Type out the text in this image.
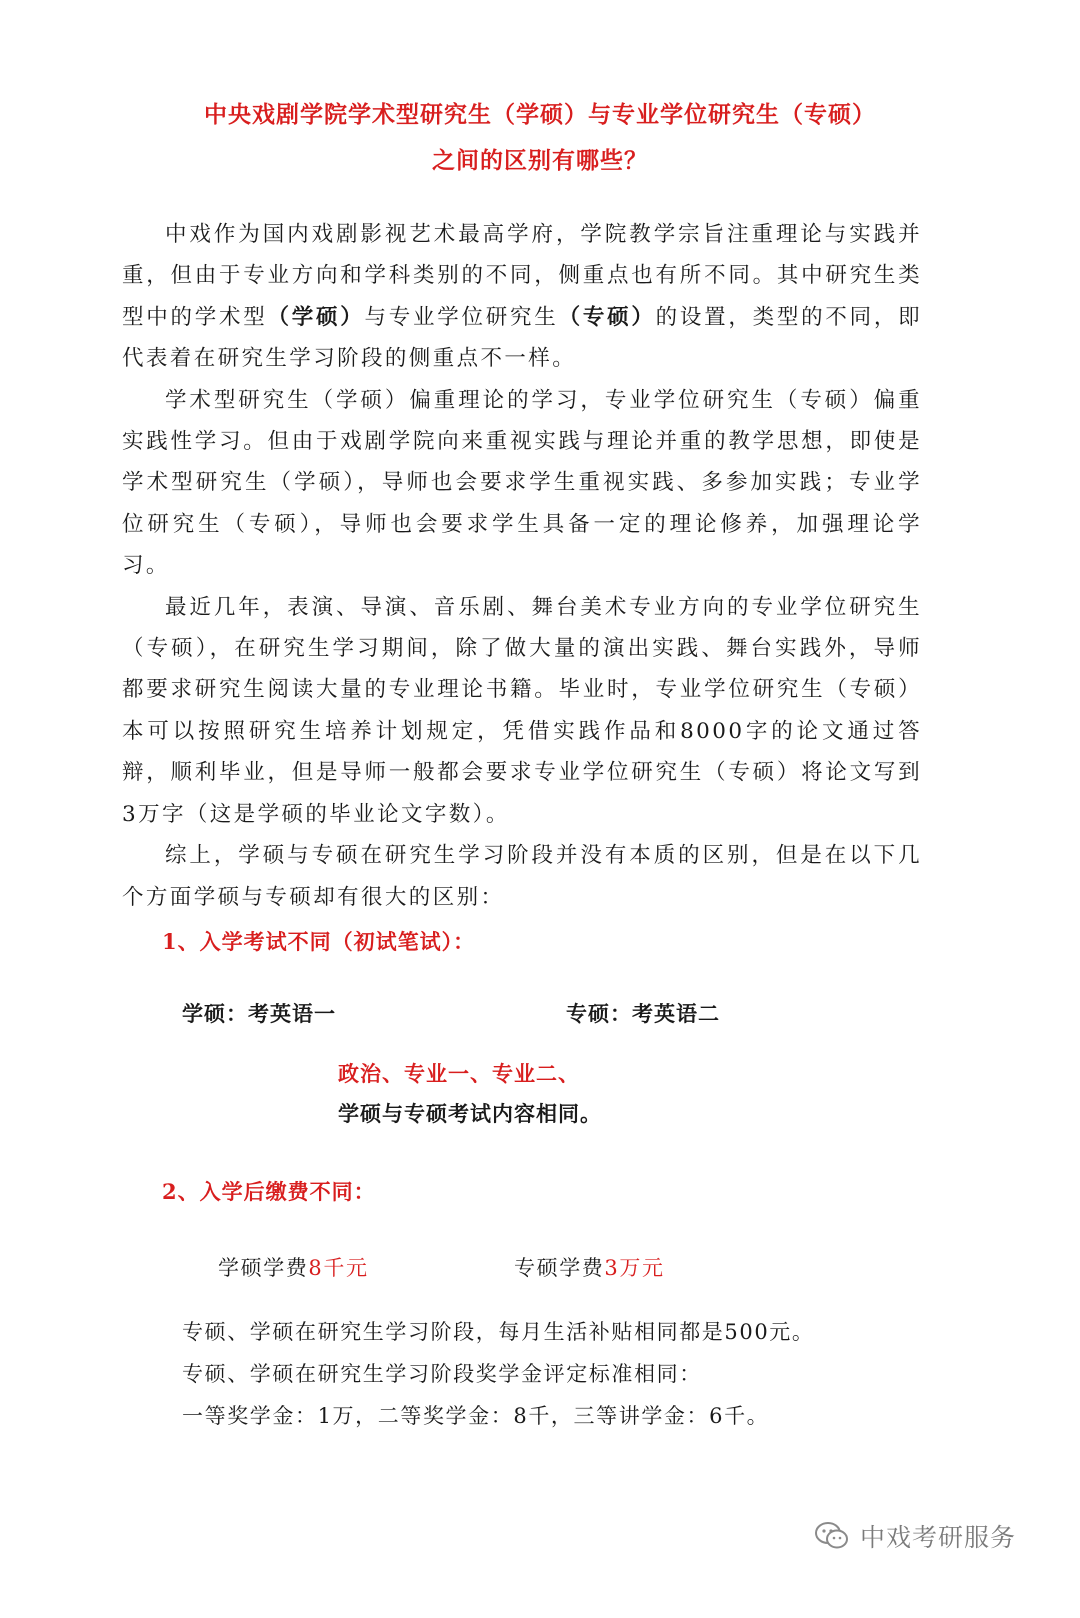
中央戏剧学院学术型研究生（学硕）与专业学位研究生（专硕）
之间的区别有哪些？

中戏作为国内戏剧影视艺术最高学府，学院教学宗旨注重理论与实践并重，但由于专业方向和学科类别的不同，侧重点也有所不同。其中研究生类型中的学术型（学硕）与专业学位研究生（专硕）的设置，类型的不同，即代表着在研究生学习阶段的侧重点不一样。

学术型研究生（学硕）偏重理论的学习，专业学位研究生（专硕）偏重实践性学习。但由于戏剧学院向来重视实践与理论并重的教学思想，即使是学术型研究生（学硕），导师也会要求学生重视实践、多参加实践；专业学位研究生（专硕），导师也会要求学生具备一定的理论修养，加强理论学习。

最近几年，表演、导演、音乐剧、舞台美术专业方向的专业学位研究生（专硕），在研究生学习期间，除了做大量的演出实践、舞台实践外，导师都要求研究生阅读大量的专业理论书籍。毕业时，专业学位研究生（专硕）本可以按照研究生培养计划规定，凭借实践作品和8000字的论文通过答辩，顺利毕业，但是导师一般都会要求专业学位研究生（专硕）将论文写到3万字（这是学硕的毕业论文字数）。

综上，学硕与专硕在研究生学习阶段并没有本质的区别，但是在以下几个方面学硕与专硕却有很大的区别：

1、入学考试不同（初试笔试）：
学硕：考英语一	专硕：考英语二
政治、专业一、专业二、
学硕与专硕考试内容相同。
2、入学后缴费不同：
学硕学费8千元	专硕学费3万元
专硕、学硕在研究生学习阶段，每月生活补贴相同都是500元。
专硕、学硕在研究生学习阶段奖学金评定标准相同：
一等奖学金：1万，二等奖学金：8千，三等讲学金：6千。
中戏考研服务
